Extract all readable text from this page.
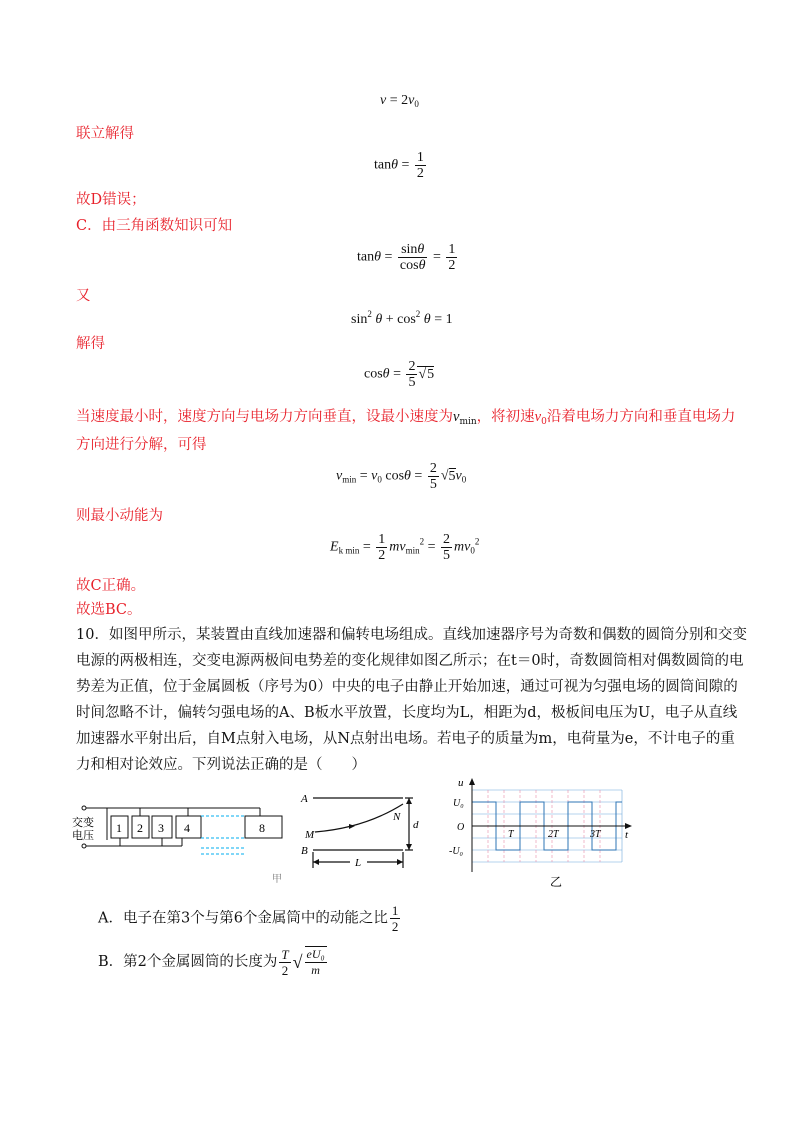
$v = 2v_0$
联立解得
$\tan\theta = \frac{1}{2}$
故D错误；
C．由三角函数知识可知
$\tan\theta = \frac{\sin\theta}{\cos\theta} = \frac{1}{2}$
又
$\sin^2 \theta + \cos^2 \theta = 1$
解得
$\cos\theta = \frac{2}{5} √5$
当速度最小时，速度方向与电场力方向垂直，设最小速度为$v_{min}$，将初速$v_0$沿着电场力方向和垂直电场力
方向进行分解，可得
$v_{min} = v_0$ $\cos\theta = \frac{2}{5} √5v_0$
则最小动能为
$E_{k min} = \frac{1}{2} mv_{min}^2 = \frac{2}{5} mv_0^2$
故C正确。
故选BC。
10．如图甲所示，某装置由直线加速器和偏转电场组成。直线加速器序号为奇数和偶数的圆筒分别和交变
电源的两极相连，交变电源两极间电势差的变化规律如图乙所示；在t＝0时，奇数圆筒相对偶数圆筒的电
势差为正值，位于金属圆板（序号为0）中央的电子由静止开始加速，通过可视为匀强电场的圆筒间隙的
时间忽略不计，偏转匀强电场的A、B板水平放置，长度均为L，相距为d，极板间电压为U，电子从直线
加速器水平射出后，自M点射入电场，从N点射出电场。若电子的质量为m，电荷量为e，不计电子的重
力和相对论效应。下列说法正确的是（　　）
交变
电压
1 2 3 4	8
甲
A
B
M
N
d
L
u
U₀
O
-U₀
t
T	2T	3T
乙
A．电子在第3个与第6个金属筒中的动能之比 $\frac{1}{2}$
B．第2个金属圆筒的长度为 $\frac{T}{2}$ √ $\frac{\text{eU₀}}{m}$
